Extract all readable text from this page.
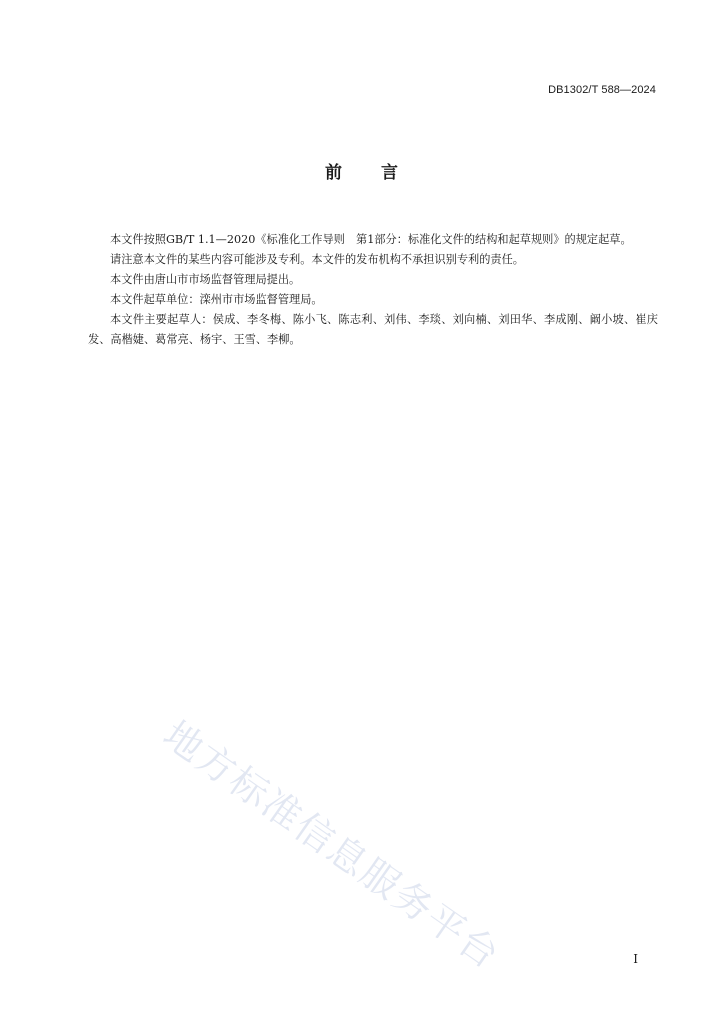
DB1302/T 588—2024
前 言

本文件按照GB/T 1.1—2020《标准化工作导则　第1部分：标准化文件的结构和起草规则》的规定起草。

请注意本文件的某些内容可能涉及专利。本文件的发布机构不承担识别专利的责任。

本文件由唐山市市场监督管理局提出。

本文件起草单位：滦州市市场监督管理局。

本文件主要起草人：侯成、李冬梅、陈小飞、陈志利、刘伟、李琰、刘向楠、刘田华、李成刚、阚小坡、崔庆发、高楷婕、葛常亮、杨宇、王雪、李柳。

地方标准信息服务平台	I
